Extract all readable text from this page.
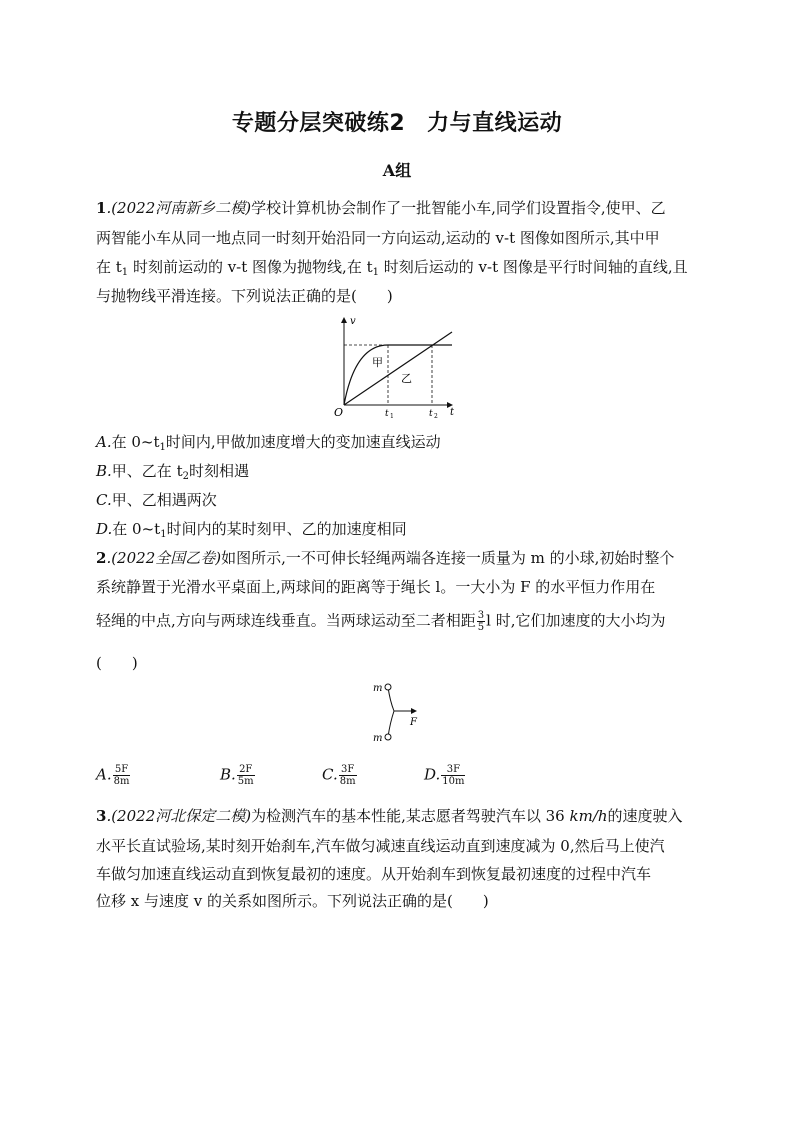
专题分层突破练2 力与直线运动
A组
1.(2022河南新乡二模)学校计算机协会制作了一批智能小车,同学们设置指令,使甲、乙
两智能小车从同一地点同一时刻开始沿同一方向运动,运动的 v-t 图像如图所示,其中甲
在 $t_1$ 时刻前运动的 v-t 图像为抛物线,在 $t_1$ 时刻后运动的 v-t 图像是平行时间轴的直线,且
与抛物线平滑连接。下列说法正确的是(　　)
v
t
O
甲
乙
t 1	t 2
A.在 $0\sim t_1$时间内,甲做加速度增大的变加速直线运动
B.甲、乙在 $t_2$时刻相遇
C.甲、乙相遇两次
D.在 $0\sim t_1$时间内的某时刻甲、乙的加速度相同
2.(2022全国乙卷)如图所示,一不可伸长轻绳两端各连接一质量为 m 的小球,初始时整个
系统静置于光滑水平桌面上,两球间的距离等于绳长 l。一大小为 F 的水平恒力作用在
轻绳的中点,方向与两球连线垂直。当两球运动至二者相距 $\frac{3}{5}$ l 时,它们加速度的大小均为
(　　)
m
m
F
A. $\frac{5F}{8m}$	B. $\frac{2F}{5m}$	C. $\frac{3F}{8m}$	D. $\frac{3F}{10m}$
3.(2022河北保定二模)为检测汽车的基本性能,某志愿者驾驶汽车以 36 km/h的速度驶入
水平长直试验场,某时刻开始刹车,汽车做匀减速直线运动直到速度减为 0,然后马上使汽
车做匀加速直线运动直到恢复最初的速度。从开始刹车到恢复最初速度的过程中汽车
位移 x 与速度 v 的关系如图所示。下列说法正确的是(　　)
